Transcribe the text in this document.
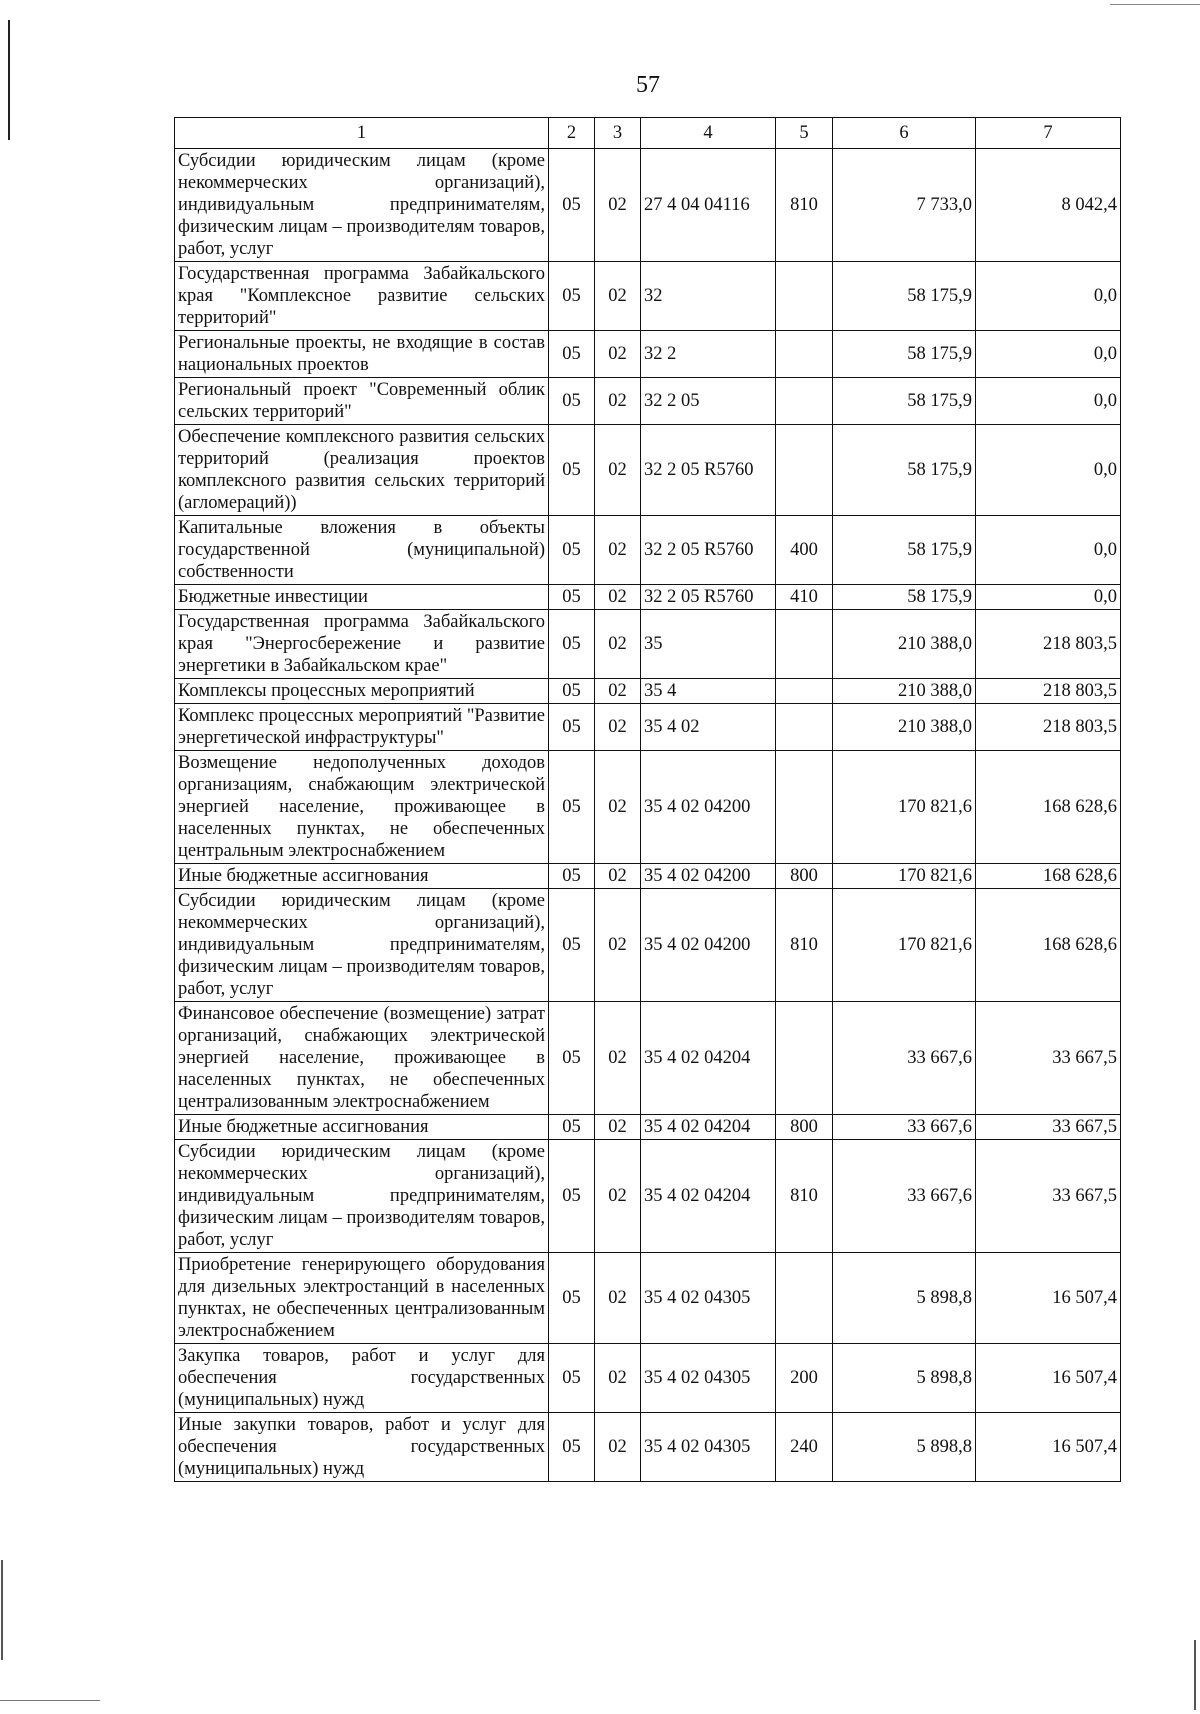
57
1	2	3	4	5	6	7
Субсидии юридическим лицам (кроме некоммерческих организаций), индивидуальным предпринимателям, физическим лицам – производителям товаров, работ, услуг	05	02	27 4 04 04116	810	7 733,0	8 042,4
Государственная программа Забайкальского края "Комплексное развитие сельских территорий"	05	02	32		58 175,9	0,0
Региональные проекты, не входящие в состав национальных проектов	05	02	32 2		58 175,9	0,0
Региональный проект "Современный облик сельских территорий"	05	02	32 2 05		58 175,9	0,0
Обеспечение комплексного развития сельских территорий (реализация проектов комплексного развития сельских территорий (агломераций))	05	02	32 2 05 R5760		58 175,9	0,0
Капитальные вложения в объекты государственной (муниципальной) собственности	05	02	32 2 05 R5760	400	58 175,9	0,0
Бюджетные инвестиции	05	02	32 2 05 R5760	410	58 175,9	0,0
Государственная программа Забайкальского края "Энергосбережение и развитие энергетики в Забайкальском крае"	05	02	35		210 388,0	218 803,5
Комплексы процессных мероприятий	05	02	35 4		210 388,0	218 803,5
Комплекс процессных мероприятий "Развитие энергетической инфраструктуры"	05	02	35 4 02		210 388,0	218 803,5
Возмещение недополученных доходов организациям, снабжающим электрической энергией население, проживающее в населенных пунктах, не обеспеченных центральным электроснабжением	05	02	35 4 02 04200		170 821,6	168 628,6
Иные бюджетные ассигнования	05	02	35 4 02 04200	800	170 821,6	168 628,6
Субсидии юридическим лицам (кроме некоммерческих организаций), индивидуальным предпринимателям, физическим лицам – производителям товаров, работ, услуг	05	02	35 4 02 04200	810	170 821,6	168 628,6
Финансовое обеспечение (возмещение) затрат организаций, снабжающих электрической энергией население, проживающее в населенных пунктах, не обеспеченных централизованным электроснабжением	05	02	35 4 02 04204		33 667,6	33 667,5
Иные бюджетные ассигнования	05	02	35 4 02 04204	800	33 667,6	33 667,5
Субсидии юридическим лицам (кроме некоммерческих организаций), индивидуальным предпринимателям, физическим лицам – производителям товаров, работ, услуг	05	02	35 4 02 04204	810	33 667,6	33 667,5
Приобретение генерирующего оборудования для дизельных электростанций в населенных пунктах, не обеспеченных централизованным электроснабжением	05	02	35 4 02 04305		5 898,8	16 507,4
Закупка товаров, работ и услуг для обеспечения государственных (муниципальных) нужд	05	02	35 4 02 04305	200	5 898,8	16 507,4
Иные закупки товаров, работ и услуг для обеспечения государственных (муниципальных) нужд	05	02	35 4 02 04305	240	5 898,8	16 507,4
